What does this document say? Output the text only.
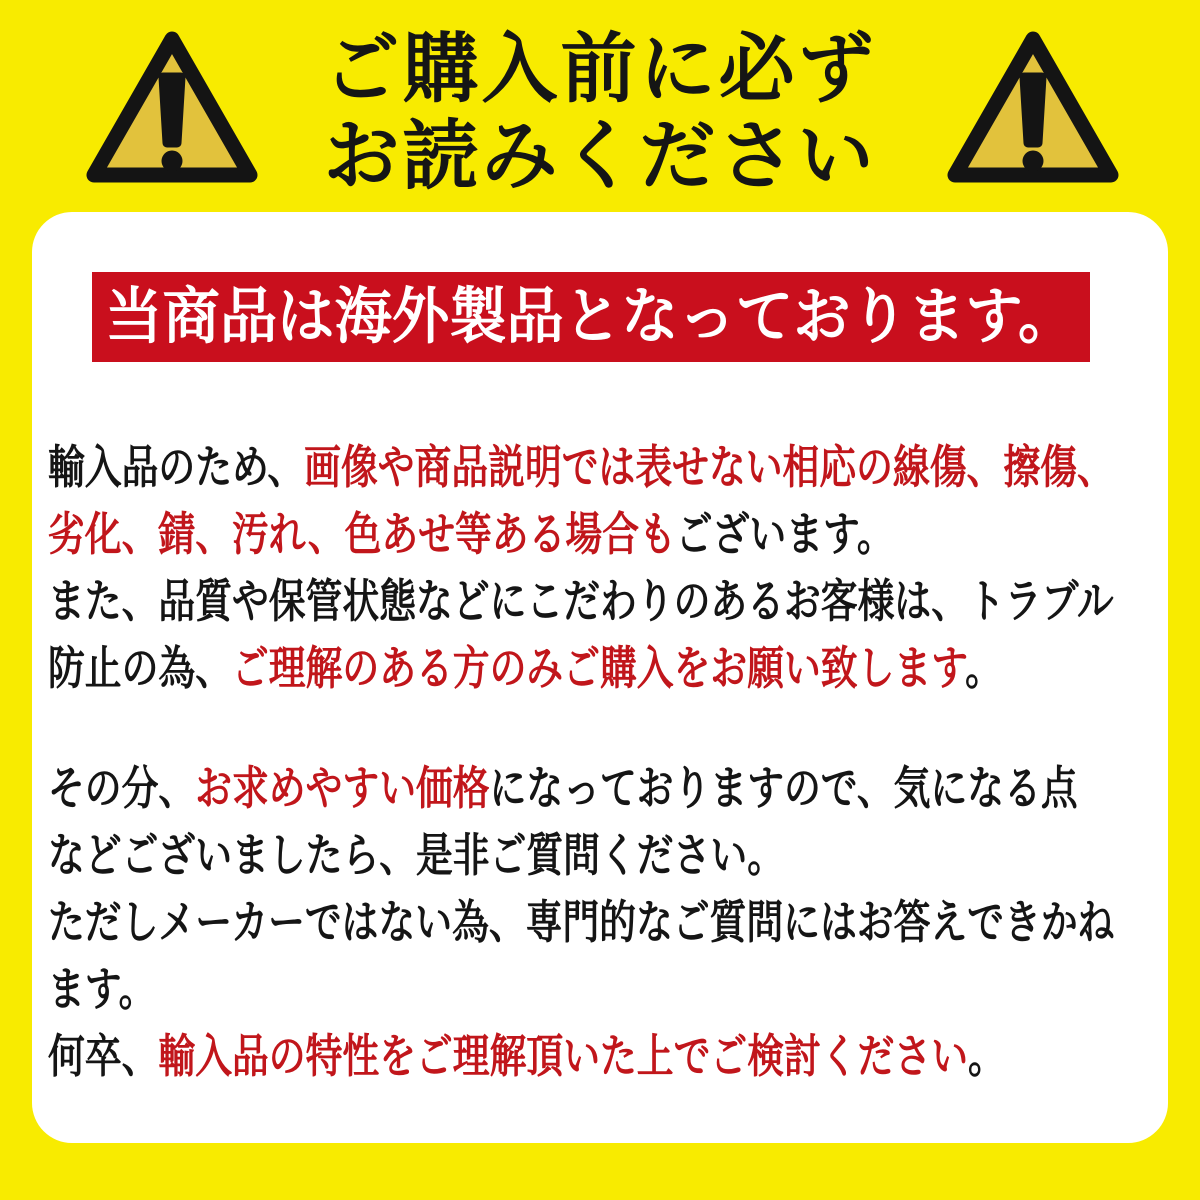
ご購入前に必ず
お読みください
当商品は海外製品となっております。
輸入品のため、画像や商品説明では表せない相応の線傷、擦傷、
劣化、錆、汚れ、色あせ等ある場合もございます。
また、品質や保管状態などにこだわりのあるお客様は、トラブル
防止の為、ご理解のある方のみご購入をお願い致します。
その分、お求めやすい価格になっておりますので、気になる点
などございましたら、是非ご質問ください。
ただしメーカーではない為、専門的なご質問にはお答えできかね
ます。
何卒、輸入品の特性をご理解頂いた上でご検討ください。
